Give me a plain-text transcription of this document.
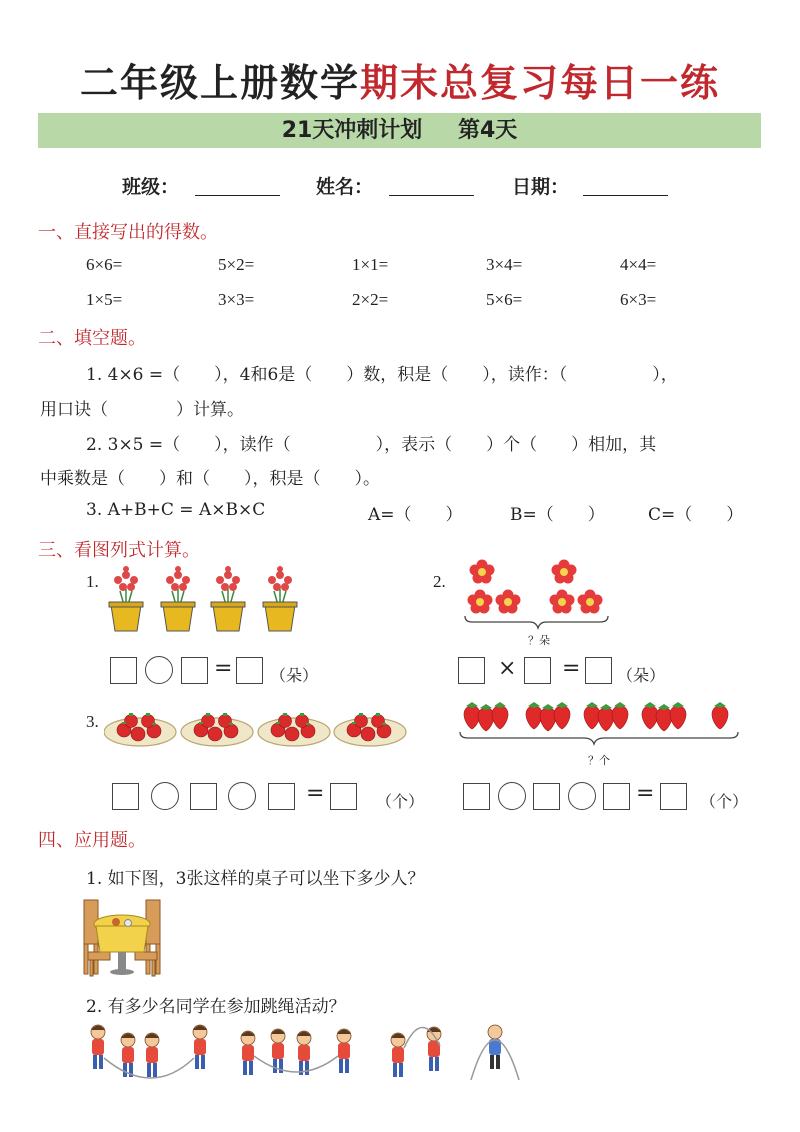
二年级上册数学期末总复习每日一练
21天冲刺计划 第4天
班级：	姓名：	日期：
一、直接写出的得数。
6×6=	5×2=	1×1=	3×4=	4×4=
1×5=	3×3=	2×2=	5×6=	6×3=
二、填空题。
1. 4×6 =（　　），4和6是（　　）数，积是（　　），读作：（　　　　　），
用口诀（　　　　）计算。
2. 3×5 =（　　），读作（　　　　　），表示（　　）个（　　）相加，其
中乘数是（　　）和（　　），积是（　　）。
3. A+B+C = A×B×C	A=（　　）	B=（　　）	C=（　　）
三、看图列式计算。
1.
= （朵）
2.
？朵
× = （朵）
3.
=	（个）
？个
=	（个）
四、应用题。
1. 如下图，3张这样的桌子可以坐下多少人？
2. 有多少名同学在参加跳绳活动？
